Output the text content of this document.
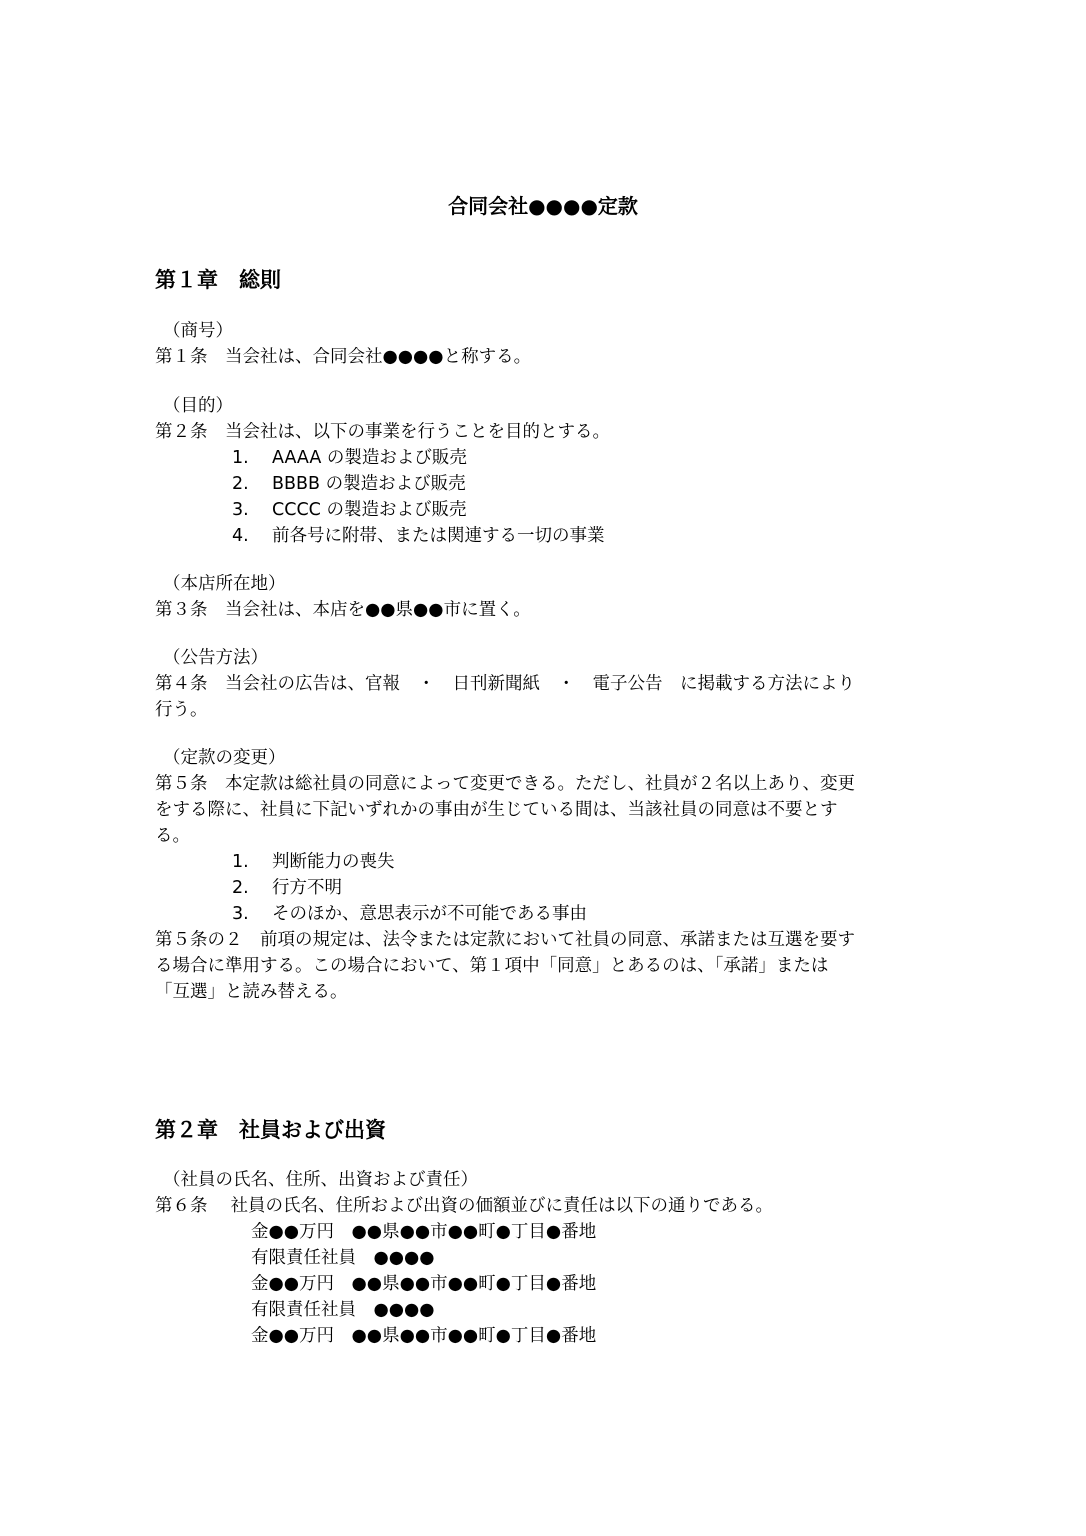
合同会社●●●●定款
第１章　総則
（商号）
第１条　当会社は、合同会社●●●●と称する。
（目的）
第２条　当会社は、以下の事業を行うことを目的とする。
1. AAAA の製造および販売
2. BBBB の製造および販売
3. CCCC の製造および販売
4. 前各号に附帯、または関連する一切の事業
（本店所在地）
第３条　当会社は、本店を●●県●●市に置く。
（公告方法）
第４条　当会社の広告は、官報　・　日刊新聞紙　・　電子公告　に掲載する方法により
行う。
（定款の変更）
第５条　本定款は総社員の同意によって変更できる。ただし、社員が２名以上あり、変更
をする際に、社員に下記いずれかの事由が生じている間は、当該社員の同意は不要とす
る。
1. 判断能力の喪失
2. 行方不明
3. そのほか、意思表示が不可能である事由
第５条の２　前項の規定は、法令または定款において社員の同意、承諾または互選を要す
る場合に準用する。この場合において、第１項中「同意」とあるのは、「承諾」または
「互選」と読み替える。
第２章　社員および出資
（社員の氏名、住所、出資および責任）
第６条　 社員の氏名、住所および出資の価額並びに責任は以下の通りである。
金●●万円　●●県●●市●●町●丁目●番地
有限責任社員　●●●●
金●●万円　●●県●●市●●町●丁目●番地
有限責任社員　●●●●
金●●万円　●●県●●市●●町●丁目●番地
